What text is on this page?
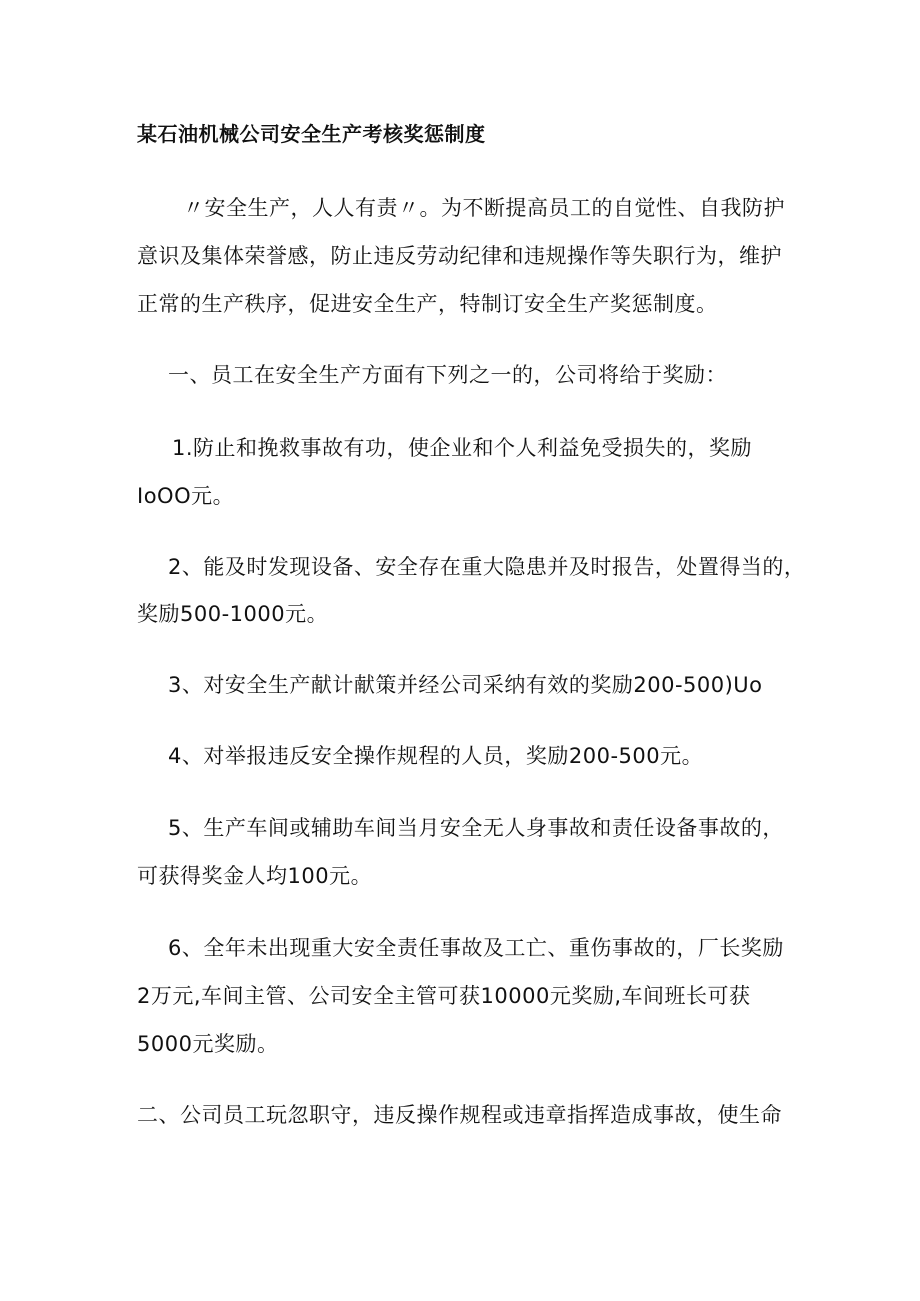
某石油机械公司安全生产考核奖惩制度

〃安全生产，人人有责〃。为不断提高员工的自觉性、自我防护

意识及集体荣誉感，防止违反劳动纪律和违规操作等失职行为，维护

正常的生产秩序，促进安全生产，特制订安全生产奖惩制度。

一、员工在安全生产方面有下列之一的，公司将给于奖励：

1.防止和挽救事故有功，使企业和个人利益免受损失的，奖励

IoOO元。

2、能及时发现设备、安全存在重大隐患并及时报告，处置得当的，

奖励500-1000元。

3、对安全生产献计献策并经公司采纳有效的奖励200-500)Uo

4、对举报违反安全操作规程的人员，奖励200-500元。

5、生产车间或辅助车间当月安全无人身事故和责任设备事故的，

可获得奖金人均100元。

6、全年未出现重大安全责任事故及工亡、重伤事故的，厂长奖励

2万元,车间主管、公司安全主管可获10000元奖励,车间班长可获

5000元奖励。

二、公司员工玩忽职守，违反操作规程或违章指挥造成事故，使生命
